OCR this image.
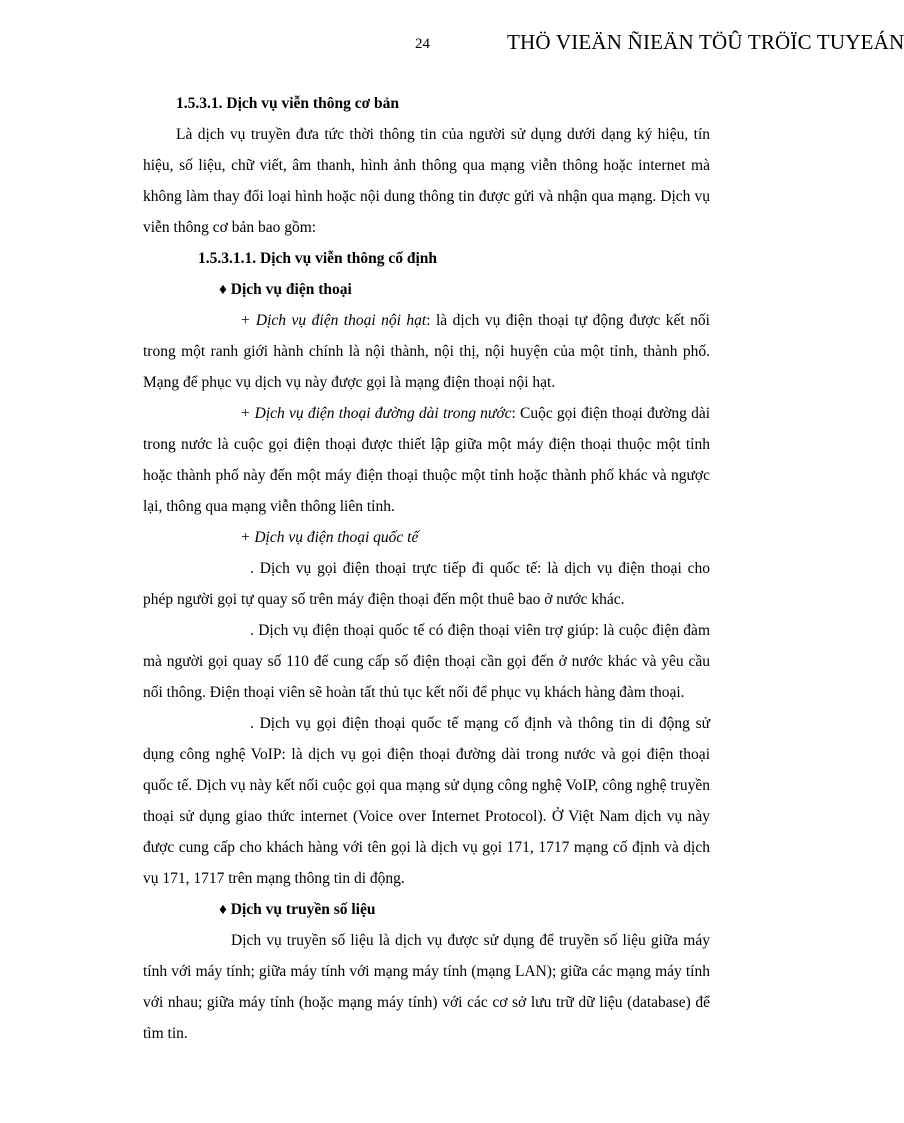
24	THÖ VIEÄN ÑIEÄN TÖÛ TRÖÏC TUYEÁN

1.5.3.1. Dịch vụ viễn thông cơ bản

Là dịch vụ truyền đưa tức thời thông tin của người sử dụng dưới dạng ký hiệu, tín hiệu, số liệu, chữ viết, âm thanh, hình ảnh thông qua mạng viễn thông hoặc internet mà không làm thay đổi loại hình hoặc nội dung thông tin được gửi và nhận qua mạng. Dịch vụ viễn thông cơ bản bao gồm:

1.5.3.1.1. Dịch vụ viễn thông cố định

♦ Dịch vụ điện thoại

+ Dịch vụ điện thoại nội hạt: là dịch vụ điện thoại tự động được kết nối trong một ranh giới hành chính là nội thành, nội thị, nội huyện của một tỉnh, thành phố. Mạng để phục vụ dịch vụ này được gọi là mạng điện thoại nội hạt.

+ Dịch vụ điện thoại đường dài trong nước: Cuộc gọi điện thoại đường dài trong nước là cuộc gọi điện thoại được thiết lập giữa một máy điện thoại thuộc một tỉnh hoặc thành phố này đến một máy điện thoại thuộc một tỉnh hoặc thành phố khác và ngược lại, thông qua mạng viễn thông liên tỉnh.

+ Dịch vụ điện thoại quốc tế

. Dịch vụ gọi điện thoại trực tiếp đi quốc tế: là dịch vụ điện thoại cho phép người gọi tự quay số trên máy điện thoại đến một thuê bao ở nước khác.

. Dịch vụ điện thoại quốc tế có điện thoại viên trợ giúp: là cuộc điện đàm mà người gọi quay số 110 để cung cấp số điện thoại cần gọi đến ở nước khác và yêu cầu nối thông. Điện thoại viên sẽ hoàn tất thủ tục kết nối để phục vụ khách hàng đàm thoại.

. Dịch vụ gọi điện thoại quốc tế mạng cố định và thông tin di động sử dụng công nghệ VoIP: là dịch vụ gọi điện thoại đường dài trong nước và gọi điện thoại quốc tế. Dịch vụ này kết nối cuộc gọi qua mạng sử dụng công nghệ VoIP, công nghệ truyền thoại sử dụng giao thức internet (Voice over Internet Protocol). Ở Việt Nam dịch vụ này được cung cấp cho khách hàng với tên gọi là dịch vụ gọi 171, 1717 mạng cố định và dịch vụ 171, 1717 trên mạng thông tin di động.

♦ Dịch vụ truyền số liệu

Dịch vụ truyền số liệu là dịch vụ được sử dụng để truyền số liệu giữa máy tính với máy tính; giữa máy tính với mạng máy tính (mạng LAN); giữa các mạng máy tính với nhau; giữa máy tính (hoặc mạng máy tính) với các cơ sở lưu trữ dữ liệu (database) để tìm tin.
